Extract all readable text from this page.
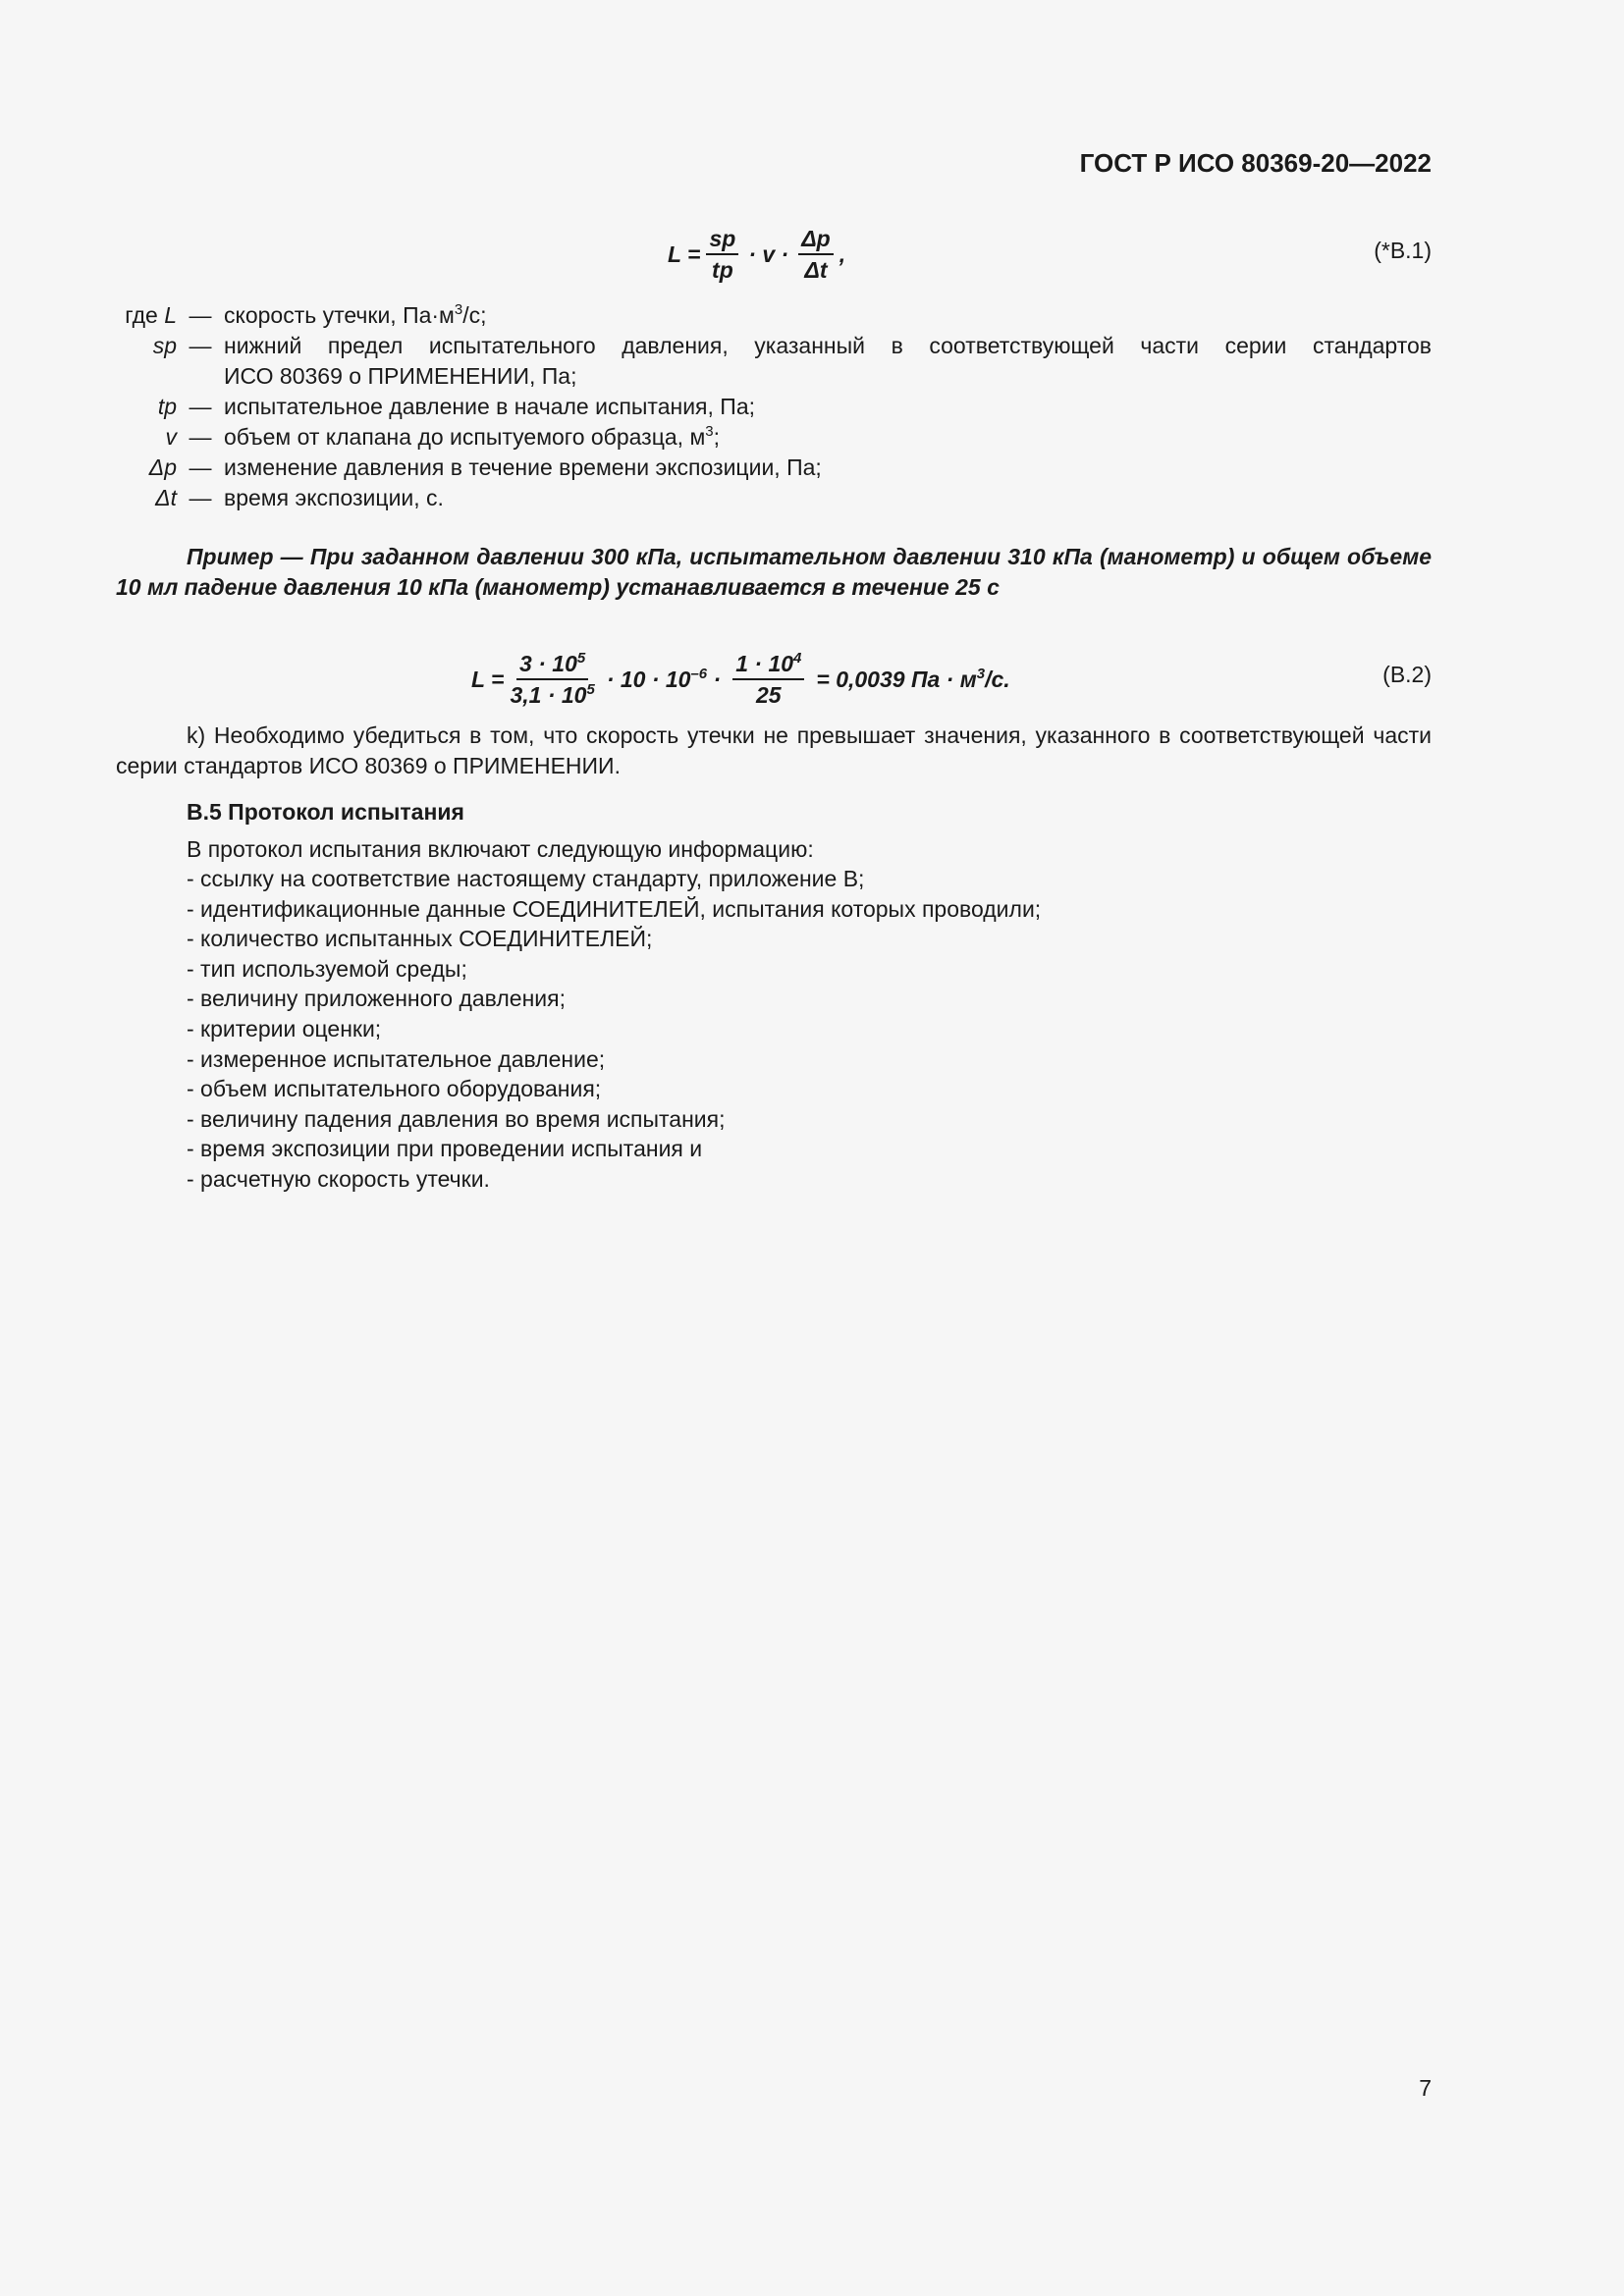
ГОСТ Р ИСО 80369-20—2022
$L = \frac{sp}{tp} \cdot v \cdot \frac{\Delta p}{\Delta t}$ ,	(*B.1)
где L — скорость утечки, $Па\cdot м^3/c$;
sp — нижний предел испытательного давления, указанный в соответствующей части серии стандартов
ИСО 80369 о ПРИМЕНЕНИИ, Па;
tp — испытательное давление в начале испытания, Па;
v — объем от клапана до испытуемого образца, $м^3$;
Δp — изменение давления в течение времени экспозиции, Па;
Δt — время экспозиции, с.
Пример — При заданном давлении 300 кПа, испытательном давлении 310 кПа (манометр) и общем объеме 10 мл падение давления 10 кПа (манометр) устанавливается в течение 25 с
$L = \frac{3 \cdot 10^5}{3,1 \cdot 10^5} \cdot 10 \cdot 10^{-6} \cdot \frac{1 \cdot 10^4}{25} = 0,0039$ Па · $м^3/с$.	(B.2)
k) Необходимо убедиться в том, что скорость утечки не превышает значения, указанного в соответствующей части серии стандартов ИСО 80369 о ПРИМЕНЕНИИ.
B.5 Протокол испытания
В протокол испытания включают следующую информацию:
- ссылку на соответствие настоящему стандарту, приложение B;
- идентификационные данные СОЕДИНИТЕЛЕЙ, испытания которых проводили;
- количество испытанных СОЕДИНИТЕЛЕЙ;
- тип используемой среды;
- величину приложенного давления;
- критерии оценки;
- измеренное испытательное давление;
- объем испытательного оборудования;
- величину падения давления во время испытания;
- время экспозиции при проведении испытания и
- расчетную скорость утечки.
7
